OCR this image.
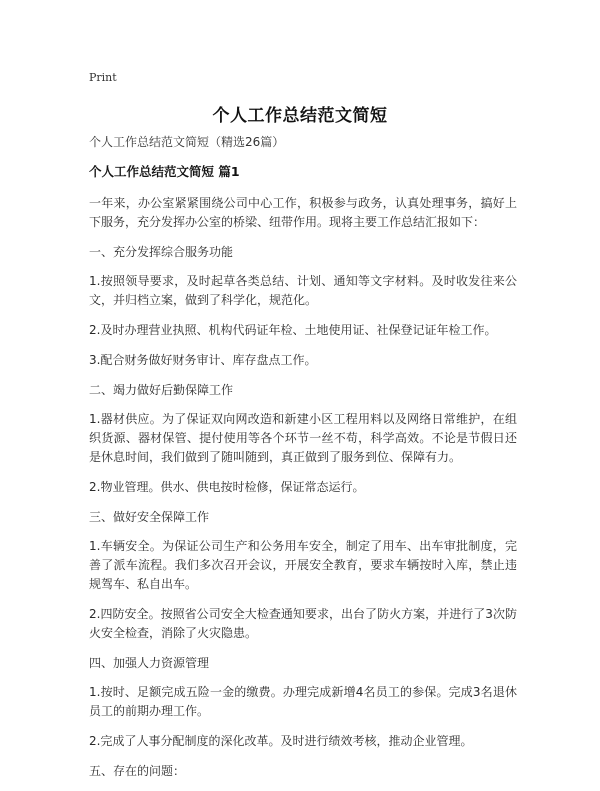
Print
个人工作总结范文简短
个人工作总结范文简短（精选26篇）
个人工作总结范文简短 篇1

一年来，办公室紧紧围绕公司中心工作，积极参与政务，认真处理事务，搞好上下服务，充分发挥办公室的桥梁、纽带作用。现将主要工作总结汇报如下：

一、充分发挥综合服务功能

1.按照领导要求，及时起草各类总结、计划、通知等文字材料。及时收发往来公文，并归档立案，做到了科学化，规范化。

2.及时办理营业执照、机构代码证年检、土地使用证、社保登记证年检工作。

3.配合财务做好财务审计、库存盘点工作。

二、竭力做好后勤保障工作

1.器材供应。为了保证双向网改造和新建小区工程用料以及网络日常维护，在组织货源、器材保管、提付使用等各个环节一丝不苟，科学高效。不论是节假日还是休息时间，我们做到了随叫随到，真正做到了服务到位、保障有力。

2.物业管理。供水、供电按时检修，保证常态运行。

三、做好安全保障工作

1.车辆安全。为保证公司生产和公务用车安全，制定了用车、出车审批制度，完善了派车流程。我们多次召开会议，开展安全教育，要求车辆按时入库，禁止违规驾车、私自出车。

2.四防安全。按照省公司安全大检查通知要求，出台了防火方案，并进行了3次防火安全检查，消除了火灾隐患。

四、加强人力资源管理

1.按时、足额完成五险一金的缴费。办理完成新增4名员工的参保。完成3名退休员工的前期办理工作。

2.完成了人事分配制度的深化改革。及时进行绩效考核，推动企业管理。

五、存在的问题：
